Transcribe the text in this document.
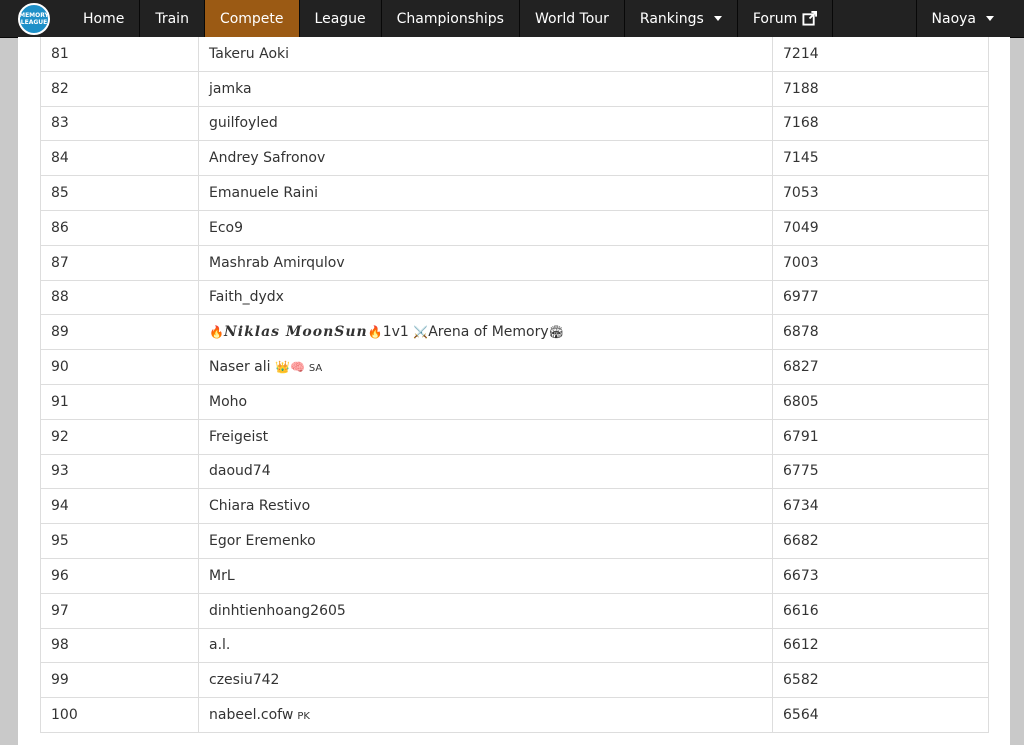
MEMORY LEAGUE	Home	Train	Compete	League	Championships	World Tour	Rankings	Forum	Naoya
81	Takeru Aoki	7214
82	jamka	7188
83	guilfoyled	7168
84	Andrey Safronov	7145
85	Emanuele Raini	7053
86	Eco9	7049
87	Mashrab Amirqulov	7003
88	Faith_dydx	6977
89	🔥Niklas MoonSun🔥1v1 ⚔️Arena of Memory🏟	6878
90	Naser ali 👑🧠 SA	6827
91	Moho	6805
92	Freigeist	6791
93	daoud74	6775
94	Chiara Restivo	6734
95	Egor Eremenko	6682
96	MrL	6673
97	dinhtienhoang2605	6616
98	a.l.	6612
99	czesiu742	6582
100	nabeel.cofw PK	6564
